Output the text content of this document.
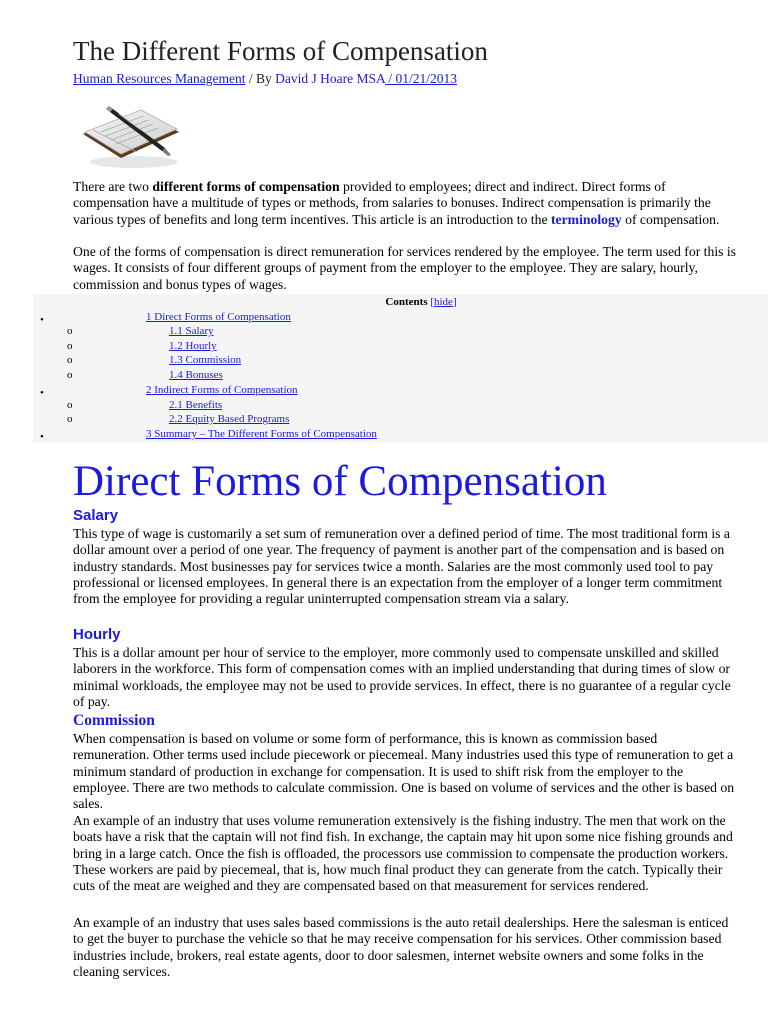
The Different Forms of Compensation
Human Resources Management / By David J Hoare MSA / 01/21/2013
There are two different forms of compensation provided to employees; direct and indirect. Direct forms of compensation have a multitude of types or methods, from salaries to bonuses. Indirect compensation is primarily the various types of benefits and long term incentives. This article is an introduction to the terminology of compensation.
One of the forms of compensation is direct remuneration for services rendered by the employee. The term used for this is wages. It consists of four different groups of payment from the employer to the employee. They are salary, hourly, commission and bonus types of wages.
Contents [hide]
•	1 Direct Forms of Compensation
o	1.1 Salary
o	1.2 Hourly
o	1.3 Commission
o	1.4 Bonuses
•	2 Indirect Forms of Compensation
o	2.1 Benefits
o	2.2 Equity Based Programs
•	3 Summary – The Different Forms of Compensation
Direct Forms of Compensation
Salary
This type of wage is customarily a set sum of remuneration over a defined period of time. The most traditional form is a dollar amount over a period of one year. The frequency of payment is another part of the compensation and is based on industry standards. Most businesses pay for services twice a month. Salaries are the most commonly used tool to pay professional or licensed employees. In general there is an expectation from the employer of a longer term commitment from the employee for providing a regular uninterrupted compensation stream via a salary.
Hourly
This is a dollar amount per hour of service to the employer, more commonly used to compensate unskilled and skilled laborers in the workforce. This form of compensation comes with an implied understanding that during times of slow or minimal workloads, the employee may not be used to provide services. In effect, there is no guarantee of a regular cycle of pay.
Commission
When compensation is based on volume or some form of performance, this is known as commission based remuneration. Other terms used include piecework or piecemeal. Many industries used this type of remuneration to get a minimum standard of production in exchange for compensation. It is used to shift risk from the employer to the employee. There are two methods to calculate commission. One is based on volume of services and the other is based on sales.
An example of an industry that uses volume remuneration extensively is the fishing industry. The men that work on the boats have a risk that the captain will not find fish. In exchange, the captain may hit upon some nice fishing grounds and bring in a large catch. Once the fish is offloaded, the processors use commission to compensate the production workers. These workers are paid by piecemeal, that is, how much final product they can generate from the catch. Typically their cuts of the meat are weighed and they are compensated based on that measurement for services rendered.
An example of an industry that uses sales based commissions is the auto retail dealerships. Here the salesman is enticed to get the buyer to purchase the vehicle so that he may receive compensation for his services. Other commission based industries include, brokers, real estate agents, door to door salesmen, internet website owners and some folks in the cleaning services.
